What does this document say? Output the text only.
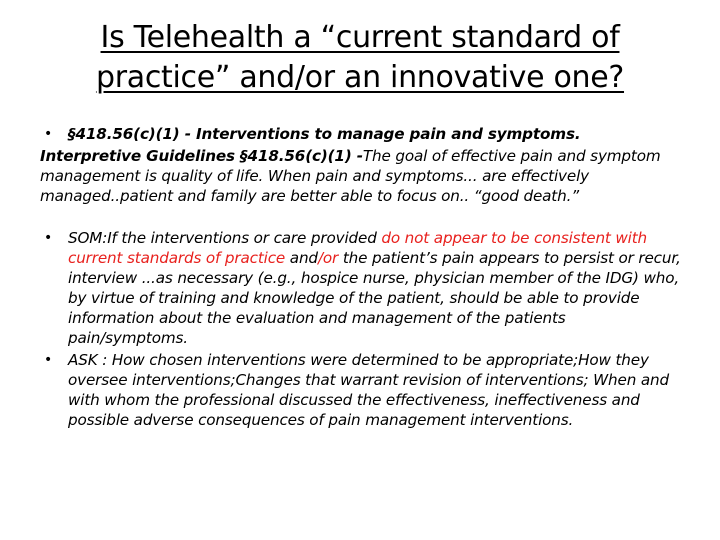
Is Telehealth a “current standard of practice” and/or an innovative one?
•	§418.56(c)(1) - Interventions to manage pain and symptoms.
Interpretive Guidelines §418.56(c)(1) -The goal of effective pain and symptom management is quality of life. When pain and symptoms... are effectively managed..patient and family are better able to focus on.. “good death.”
•	SOM:If the interventions or care provided do not appear to be consistent with current standards of practice and/or the patient’s pain appears to persist or recur, interview ...as necessary (e.g., hospice nurse, physician member of the IDG) who, by virtue of training and knowledge of the patient, should be able to provide information about the evaluation and management of the patients pain/symptoms.
•	ASK : How chosen interventions were determined to be appropriate;How they oversee interventions;Changes that warrant revision of interventions; When and with whom the professional discussed the effectiveness, ineffectiveness and possible adverse consequences of pain management interventions.
